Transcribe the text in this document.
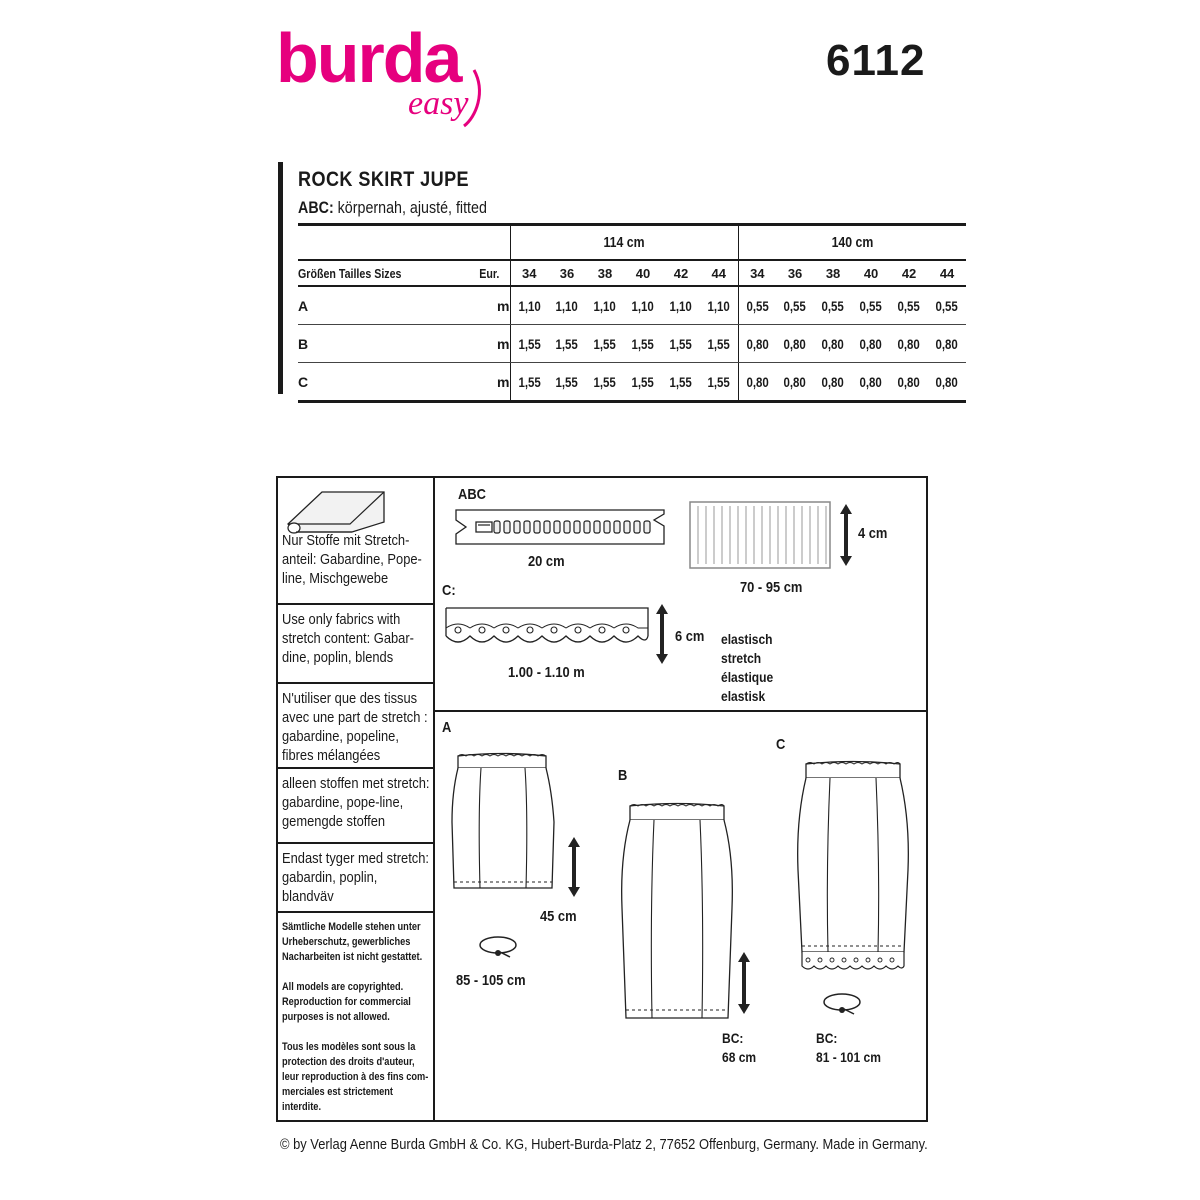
burda
easy
6112
ROCK SKIRT JUPE
ABC: körpernah, ajusté, fitted
		114 cm						140 cm					
Größen Tailles Sizes	Eur.	34	36	38	40	42	44	34	36	38	40	42	44
A	m	1,10	1,10	1,10	1,10	1,10	1,10	0,55	0,55	0,55	0,55	0,55	0,55
B	m	1,55	1,55	1,55	1,55	1,55	1,55	0,80	0,80	0,80	0,80	0,80	0,80
C	m	1,55	1,55	1,55	1,55	1,55	1,55	0,80	0,80	0,80	0,80	0,80	0,80
Nur Stoffe mit Stretch-anteil: Gabardine, Pope-line, Mischgewebe
Use only fabrics with stretch content: Gabar-dine, poplin, blends
N'utiliser que des tissus avec une part de stretch : gabardine, popeline, fibres mélangées
alleen stoffen met stretch: gabardine, pope-line, gemengde stoffen
Endast tyger med stretch: gabardin, poplin, blandväv
Sämtliche Modelle stehen unter Urheberschutz, gewerbliches Nacharbeiten ist nicht gestattet.
All models are copyrighted. Reproduction for commercial purposes is not allowed.
Tous les modèles sont sous la protection des droits d'auteur, leur reproduction à des fins com-merciales est strictement interdite.
ABC
20 cm
4 cm
70 - 95 cm
C:
6 cm
1.00 - 1.10 m
elastisch
stretch
élastique
elastisk
A
45 cm
85 - 105 cm
B
BC:
68 cm
C
BC:
81 - 101 cm
© by Verlag Aenne Burda GmbH & Co. KG, Hubert-Burda-Platz 2, 77652 Offenburg, Germany. Made in Germany.
